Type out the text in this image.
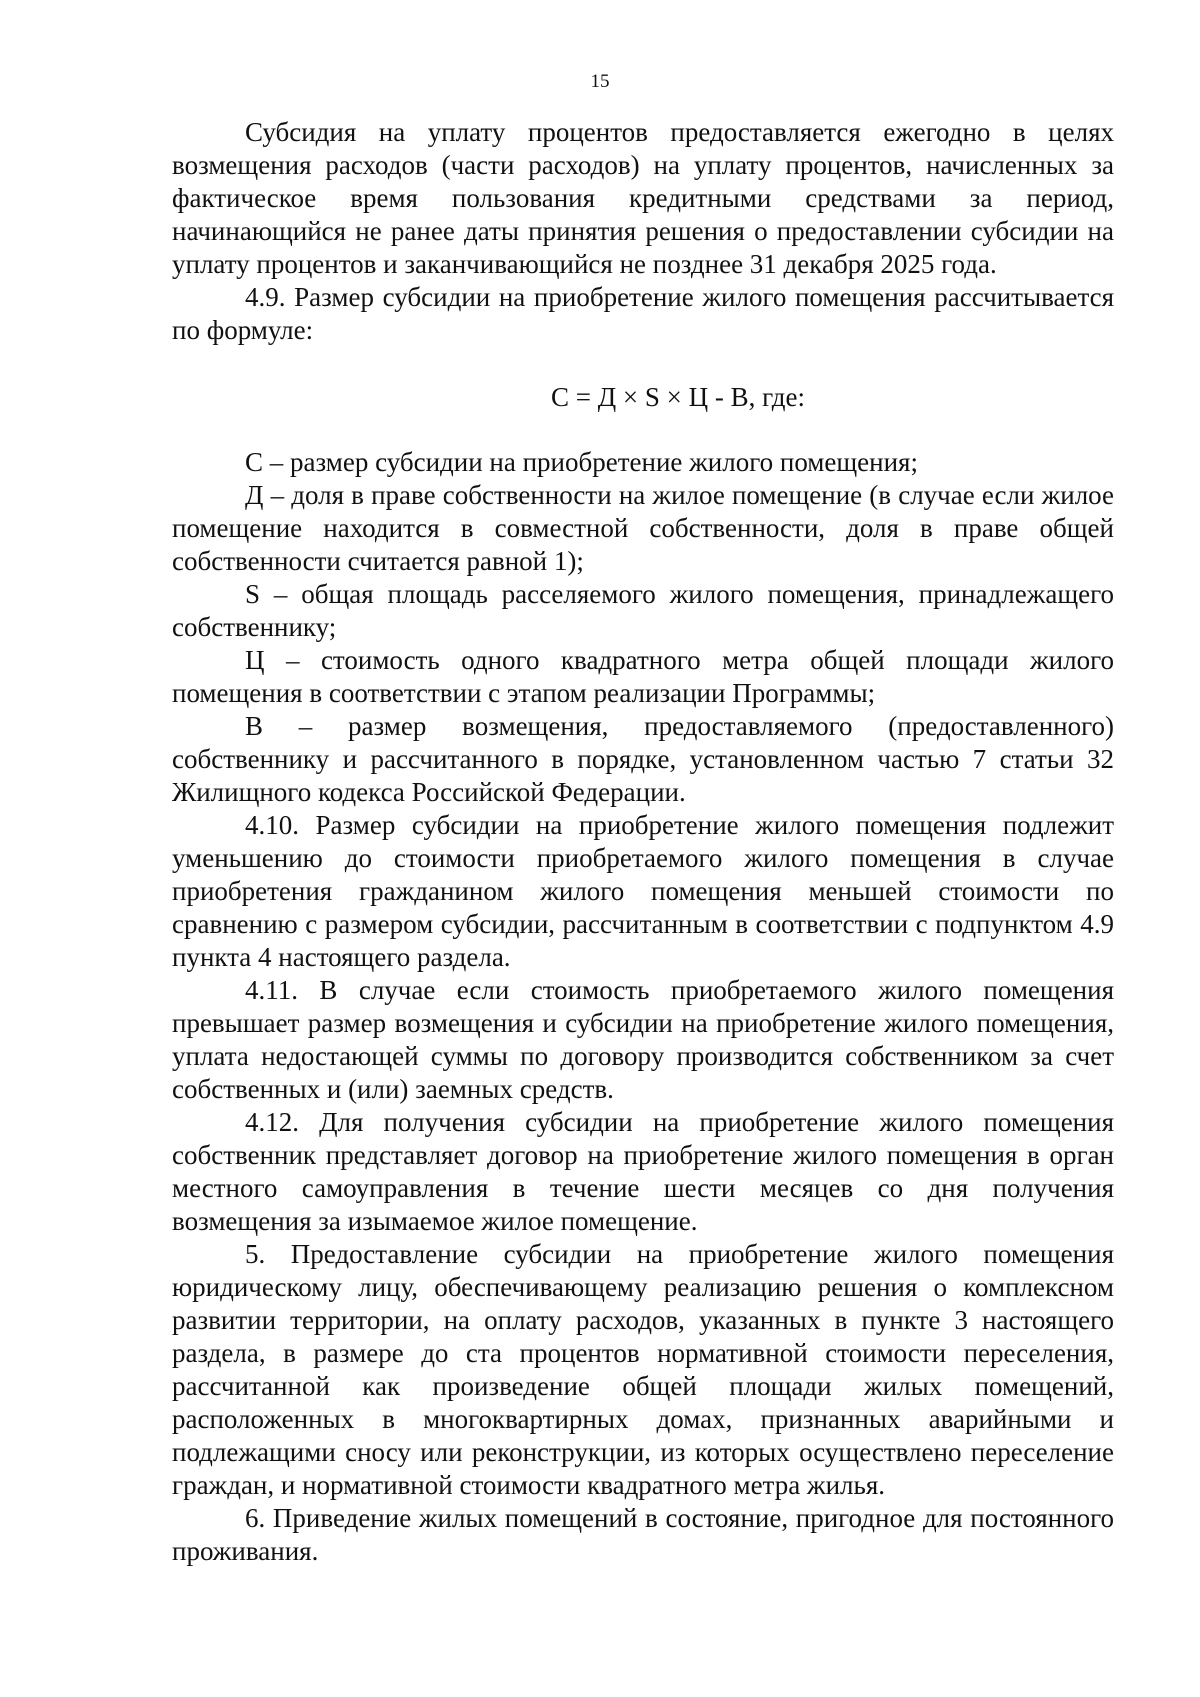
15

Субсидия на уплату процентов предоставляется ежегодно в целях возмещения расходов (части расходов) на уплату процентов, начисленных за фактическое время пользования кредитными средствами за период, начинающийся не ранее даты принятия решения о предоставлении субсидии на уплату процентов и заканчивающийся не позднее 31 декабря 2025 года.

4.9. Размер субсидии на приобретение жилого помещения рассчитывается по формуле:

С = Д × S × Ц - В, где:

С – размер субсидии на приобретение жилого помещения;

Д – доля в праве собственности на жилое помещение (в случае если жилое помещение находится в совместной собственности, доля в праве общей собственности считается равной 1);

S – общая площадь расселяемого жилого помещения, принадлежащего собственнику;

Ц – стоимость одного квадратного метра общей площади жилого помещения в соответствии с этапом реализации Программы;

В – размер возмещения, предоставляемого (предоставленного) собственнику и рассчитанного в порядке, установленном частью 7 статьи 32 Жилищного кодекса Российской Федерации.

4.10. Размер субсидии на приобретение жилого помещения подлежит уменьшению до стоимости приобретаемого жилого помещения в случае приобретения гражданином жилого помещения меньшей стоимости по сравнению с размером субсидии, рассчитанным в соответствии с подпунктом 4.9 пункта 4 настоящего раздела.

4.11. В случае если стоимость приобретаемого жилого помещения превышает размер возмещения и субсидии на приобретение жилого помещения, уплата недостающей суммы по договору производится собственником за счет собственных и (или) заемных средств.

4.12. Для получения субсидии на приобретение жилого помещения собственник представляет договор на приобретение жилого помещения в орган местного самоуправления в течение шести месяцев со дня получения возмещения за изымаемое жилое помещение.

5. Предоставление субсидии на приобретение жилого помещения юридическому лицу, обеспечивающему реализацию решения о комплексном развитии территории, на оплату расходов, указанных в пункте 3 настоящего раздела, в размере до ста процентов нормативной стоимости переселения, рассчитанной как произведение общей площади жилых помещений, расположенных в многоквартирных домах, признанных аварийными и подлежащими сносу или реконструкции, из которых осуществлено переселение граждан, и нормативной стоимости квадратного метра жилья.

6. Приведение жилых помещений в состояние, пригодное для постоянного проживания.
